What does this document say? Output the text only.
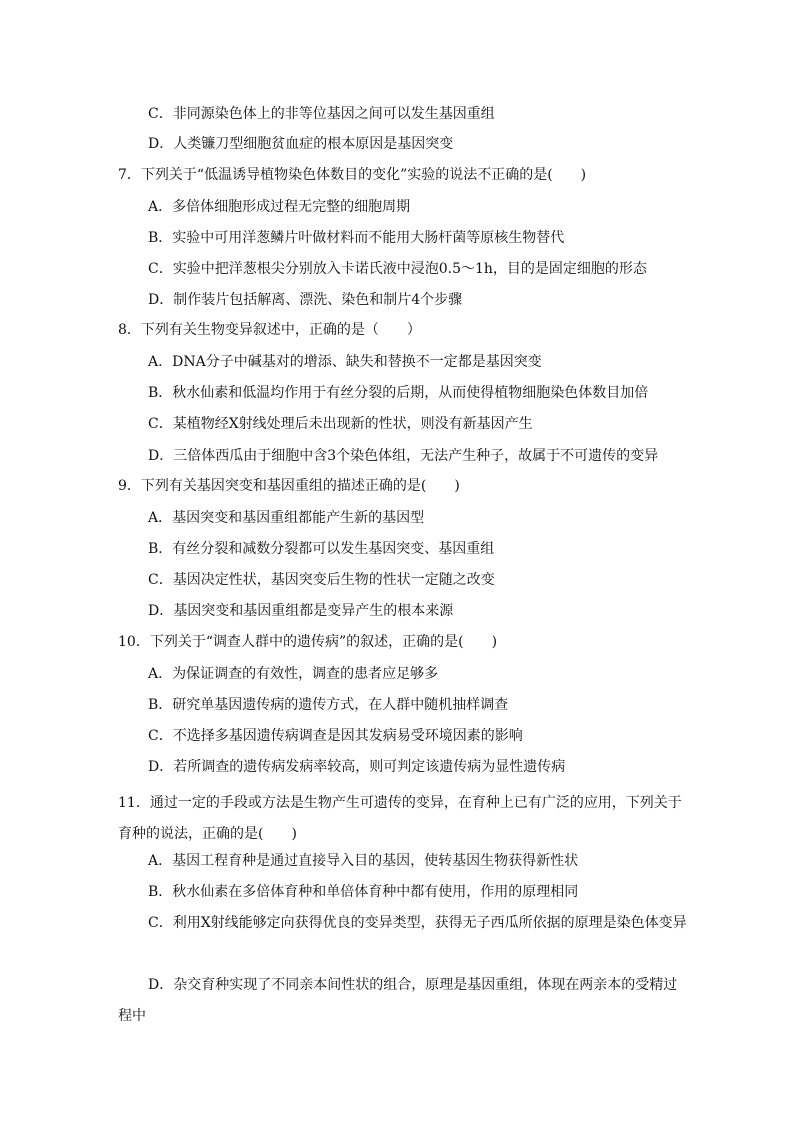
C．非同源染色体上的非等位基因之间可以发生基因重组
D．人类镰刀型细胞贫血症的根本原因是基因突变
7．下列关于“低温诱导植物染色体数目的变化”实验的说法不正确的是(　　)
A．多倍体细胞形成过程无完整的细胞周期
B．实验中可用洋葱鳞片叶做材料而不能用大肠杆菌等原核生物替代
C．实验中把洋葱根尖分别放入卡诺氏液中浸泡0.5～1h，目的是固定细胞的形态
D．制作装片包括解离、漂洗、染色和制片4个步骤
8．下列有关生物变异叙述中，正确的是（　　）
A．DNA分子中碱基对的增添、缺失和替换不一定都是基因突变
B．秋水仙素和低温均作用于有丝分裂的后期，从而使得植物细胞染色体数目加倍
C．某植物经X射线处理后未出现新的性状，则没有新基因产生
D．三倍体西瓜由于细胞中含3个染色体组，无法产生种子，故属于不可遗传的变异
9．下列有关基因突变和基因重组的描述正确的是(　　)
A．基因突变和基因重组都能产生新的基因型
B．有丝分裂和减数分裂都可以发生基因突变、基因重组
C．基因决定性状，基因突变后生物的性状一定随之改变
D．基因突变和基因重组都是变异产生的根本来源
10．下列关于“调查人群中的遗传病”的叙述，正确的是(　　)
A．为保证调查的有效性，调查的患者应足够多
B．研究单基因遗传病的遗传方式，在人群中随机抽样调查
C．不选择多基因遗传病调查是因其发病易受环境因素的影响
D．若所调查的遗传病发病率较高，则可判定该遗传病为显性遗传病
11．通过一定的手段或方法是生物产生可遗传的变异，在育种上已有广泛的应用，下列关于育种的说法，正确的是(　　)
A．基因工程育种是通过直接导入目的基因，使转基因生物获得新性状
B．秋水仙素在多倍体育种和单倍体育种中都有使用，作用的原理相同
C．利用X射线能够定向获得优良的变异类型，获得无子西瓜所依据的原理是染色体变异
D．杂交育种实现了不同亲本间性状的组合，原理是基因重组，体现在两亲本的受精过程中
